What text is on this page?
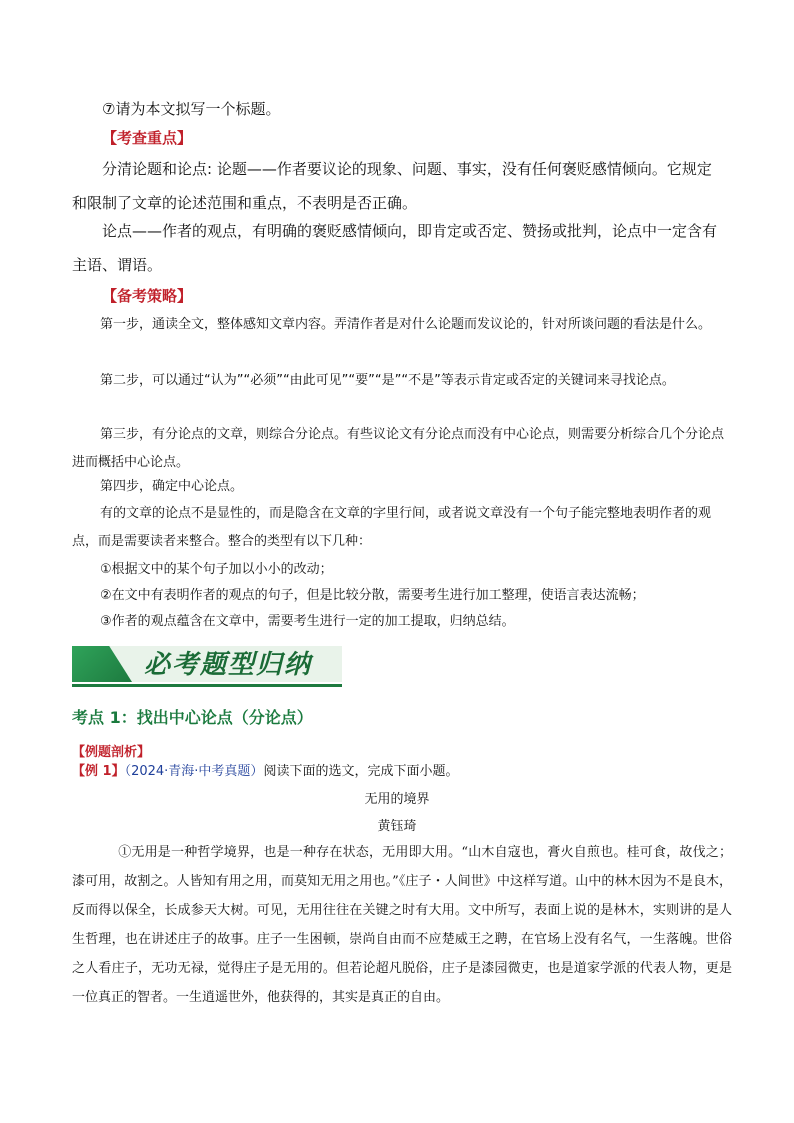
⑦请为本文拟写一个标题。

【考查重点】

分清论题和论点: 论题——作者要议论的现象、问题、事实，没有任何褒贬感情倾向。它规定和限制了文章的论述范围和重点，不表明是否正确。

论点——作者的观点，有明确的褒贬感情倾向，即肯定或否定、赞扬或批判，论点中一定含有主语、谓语。

【备考策略】

第一步，通读全文，整体感知文章内容。弄清作者是对什么论题而发议论的，针对所谈问题的看法是什么。

第二步，可以通过“认为”“必须”“由此可见”“要”“是”“不是”等表示肯定或否定的关键词来寻找论点。

第三步，有分论点的文章，则综合分论点。有些议论文有分论点而没有中心论点，则需要分析综合几个分论点进而概括中心论点。

第四步，确定中心论点。

有的文章的论点不是显性的，而是隐含在文章的字里行间，或者说文章没有一个句子能完整地表明作者的观点，而是需要读者来整合。整合的类型有以下几种：

①根据文中的某个句子加以小小的改动；

②在文中有表明作者的观点的句子，但是比较分散，需要考生进行加工整理，使语言表达流畅；

③作者的观点蕴含在文章中，需要考生进行一定的加工提取，归纳总结。

必考题型归纳
考点 1：找出中心论点（分论点）
【例题剖析】
【例 1】（2024·青海·中考真题）阅读下面的选文，完成下面小题。
无用的境界
黄钰琦

①无用是一种哲学境界，也是一种存在状态，无用即大用。“山木自寇也，膏火自煎也。桂可食，故伐之；漆可用，故割之。人皆知有用之用，而莫知无用之用也。”《庄子・人间世》中这样写道。山中的林木因为不是良木，反而得以保全，长成参天大树。可见，无用往往在关键之时有大用。文中所写，表面上说的是林木，实则讲的是人生哲理，也在讲述庄子的故事。庄子一生困顿，崇尚自由而不应楚威王之聘，在官场上没有名气，一生落魄。世俗之人看庄子，无功无禄，觉得庄子是无用的。但若论超凡脱俗，庄子是漆园微吏，也是道家学派的代表人物，更是一位真正的智者。一生逍遥世外，他获得的，其实是真正的自由。
